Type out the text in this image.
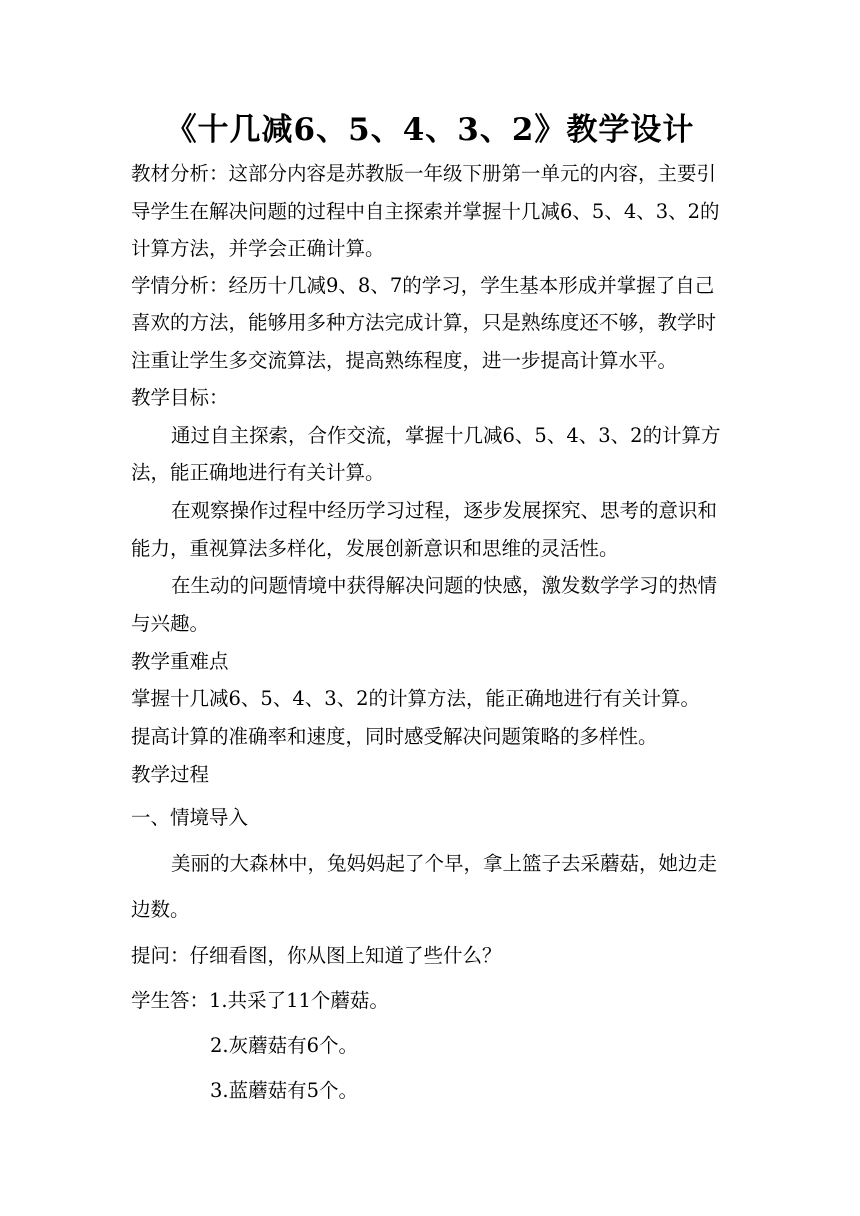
《十几减6、5、4、3、2》教学设计
教材分析：这部分内容是苏教版一年级下册第一单元的内容，主要引
导学生在解决问题的过程中自主探索并掌握十几减6、5、4、3、2的
计算方法，并学会正确计算。
学情分析：经历十几减9、8、7的学习，学生基本形成并掌握了自己
喜欢的方法，能够用多种方法完成计算，只是熟练度还不够，教学时
注重让学生多交流算法，提高熟练程度，进一步提高计算水平。
教学目标：
通过自主探索，合作交流，掌握十几减6、5、4、3、2的计算方
法，能正确地进行有关计算。
在观察操作过程中经历学习过程，逐步发展探究、思考的意识和
能力，重视算法多样化，发展创新意识和思维的灵活性。
在生动的问题情境中获得解决问题的快感，激发数学学习的热情
与兴趣。
教学重难点
掌握十几减6、5、4、3、2的计算方法，能正确地进行有关计算。
提高计算的准确率和速度，同时感受解决问题策略的多样性。
教学过程
一、情境导入
美丽的大森林中，兔妈妈起了个早，拿上篮子去采蘑菇，她边走
边数。
提问：仔细看图，你从图上知道了些什么？
学生答：1.共采了11个蘑菇。
2.灰蘑菇有6个。
3.蓝蘑菇有5个。
